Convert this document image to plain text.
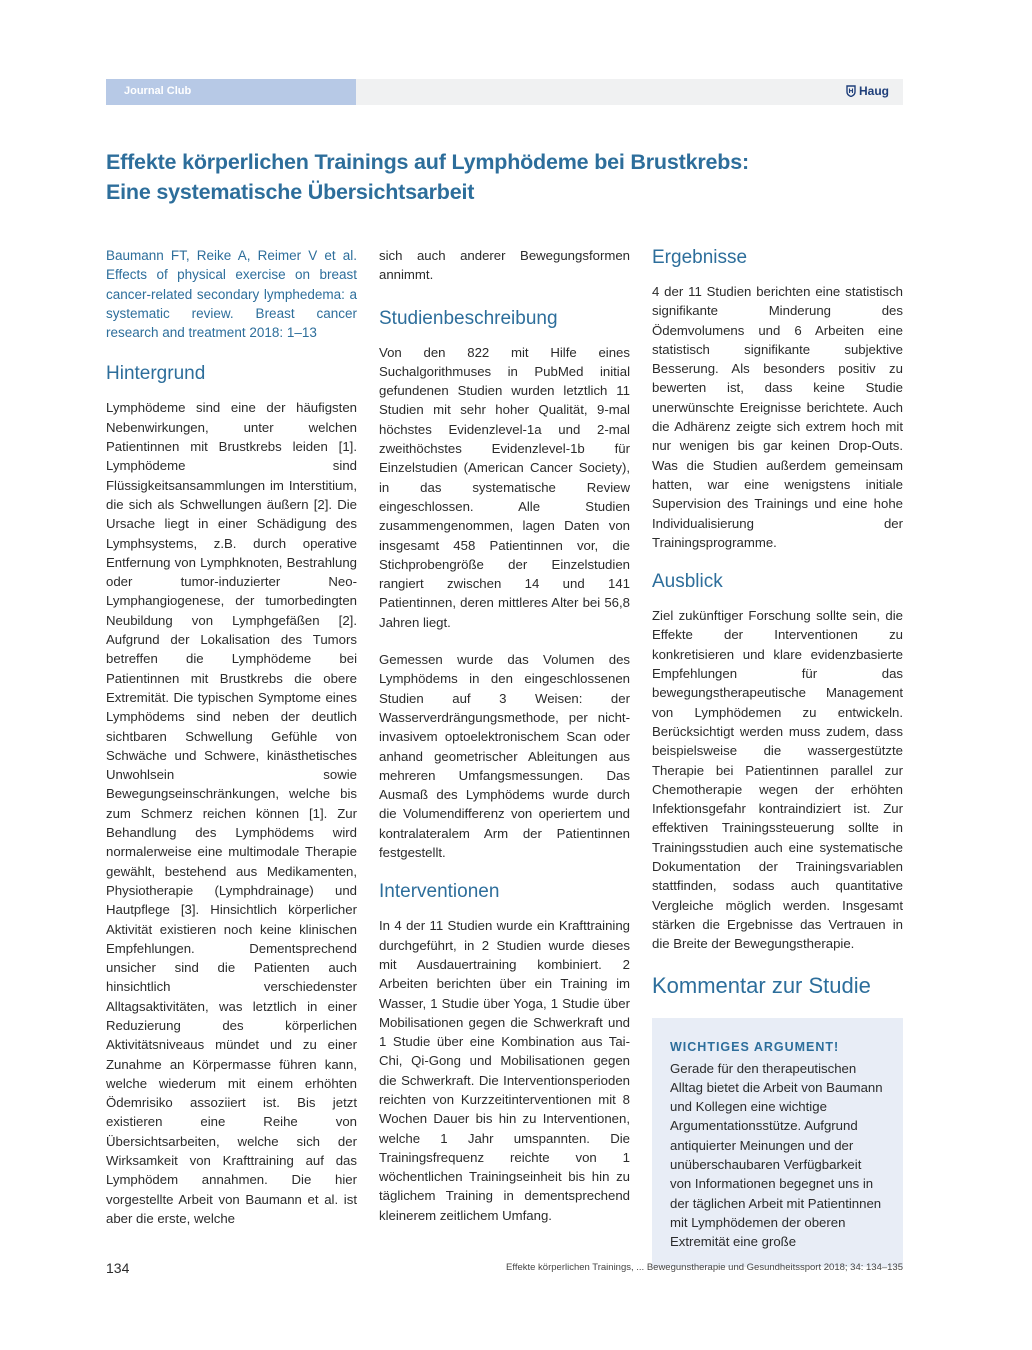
Journal Club	Haug
Effekte körperlichen Trainings auf Lymphödeme bei Brustkrebs:
Eine systematische Übersichtsarbeit

Baumann FT, Reike A, Reimer V et al. Effects of physical exercise on breast cancer-related secondary lymphedema: a systematic review. Breast cancer research and treatment 2018: 1–13

Hintergrund

Lymphödeme sind eine der häufigsten Nebenwirkungen, unter welchen Patientinnen mit Brustkrebs leiden [1]. Lymphödeme sind Flüssigkeitsansammlungen im Interstitium, die sich als Schwellungen äußern [2]. Die Ursache liegt in einer Schädigung des Lymphsystems, z.B. durch operative Entfernung von Lymphknoten, Bestrahlung oder tumor-induzierter Neo-Lymphangiogenese, der tumorbedingten Neubildung von Lymphgefäßen [2]. Aufgrund der Lokalisation des Tumors betreffen die Lymphödeme bei Patientinnen mit Brustkrebs die obere Extremität. Die typischen Symptome eines Lymphödems sind neben der deutlich sichtbaren Schwellung Gefühle von Schwäche und Schwere, kinästhetisches Unwohlsein sowie Bewegungseinschränkungen, welche bis zum Schmerz reichen können [1]. Zur Behandlung des Lymphödems wird normalerweise eine multimodale Therapie gewählt, bestehend aus Medikamenten, Physiotherapie (Lymphdrainage) und Hautpflege [3]. Hinsichtlich körperlicher Aktivität existieren noch keine klinischen Empfehlungen. Dementsprechend unsicher sind die Patienten auch hinsichtlich verschiedenster Alltagsaktivitäten, was letztlich in einer Reduzierung des körperlichen Aktivitätsniveaus mündet und zu einer Zunahme an Körpermasse führen kann, welche wiederum mit einem erhöhten Ödemrisiko assoziiert ist. Bis jetzt existieren eine Reihe von Übersichtsarbeiten, welche sich der Wirksamkeit von Krafttraining auf das Lymphödem annahmen. Die hier vorgestellte Arbeit von Baumann et al. ist aber die erste, welche

sich auch anderer Bewegungsformen annimmt.

Studienbeschreibung

Von den 822 mit Hilfe eines Suchalgorithmuses in PubMed initial gefundenen Studien wurden letztlich 11 Studien mit sehr hoher Qualität, 9-mal höchstes Evidenzlevel-1a und 2-mal zweithöchstes Evidenzlevel-1b für Einzelstudien (American Cancer Society), in das systematische Review eingeschlossen. Alle Studien zusammengenommen, lagen Daten von insgesamt 458 Patientinnen vor, die Stichprobengröße der Einzelstudien rangiert zwischen 14 und 141 Patientinnen, deren mittleres Alter bei 56,8 Jahren liegt.

Gemessen wurde das Volumen des Lymphödems in den eingeschlossenen Studien auf 3 Weisen: der Wasserverdrängungsmethode, per nicht-invasivem optoelektronischem Scan oder anhand geometrischer Ableitungen aus mehreren Umfangsmessungen. Das Ausmaß des Lymphödems wurde durch die Volumendifferenz von operiertem und kontralateralem Arm der Patientinnen festgestellt.

Interventionen

In 4 der 11 Studien wurde ein Krafttraining durchgeführt, in 2 Studien wurde dieses mit Ausdauertraining kombiniert. 2 Arbeiten berichten über ein Training im Wasser, 1 Studie über Yoga, 1 Studie über Mobilisationen gegen die Schwerkraft und 1 Studie über eine Kombination aus Tai-Chi, Qi-Gong und Mobilisationen gegen die Schwerkraft. Die Interventionsperioden reichten von Kurzzeitinterventionen mit 8 Wochen Dauer bis hin zu Interventionen, welche 1 Jahr umspannten. Die Trainingsfrequenz reichte von 1 wöchentlichen Trainingseinheit bis hin zu täglichem Training in dementsprechend kleinerem zeitlichem Umfang.

Ergebnisse

4 der 11 Studien berichten eine statistisch signifikante Minderung des Ödemvolumens und 6 Arbeiten eine statistisch signifikante subjektive Besserung. Als besonders positiv zu bewerten ist, dass keine Studie unerwünschte Ereignisse berichtete. Auch die Adhärenz zeigte sich extrem hoch mit nur wenigen bis gar keinen Drop-Outs. Was die Studien außerdem gemeinsam hatten, war eine wenigstens initiale Supervision des Trainings und eine hohe Individualisierung der Trainingsprogramme.

Ausblick

Ziel zukünftiger Forschung sollte sein, die Effekte der Interventionen zu konkretisieren und klare evidenzbasierte Empfehlungen für das bewegungstherapeutische Management von Lymphödemen zu entwickeln. Berücksichtigt werden muss zudem, dass beispielsweise die wassergestützte Therapie bei Patientinnen parallel zur Chemotherapie wegen der erhöhten Infektionsgefahr kontraindiziert ist. Zur effektiven Trainingssteuerung sollte in Trainingsstudien auch eine systematische Dokumentation der Trainingsvariablen stattfinden, sodass auch quantitative Vergleiche möglich werden. Insgesamt stärken die Ergebnisse das Vertrauen in die Breite der Bewegungstherapie.

Kommentar zur Studie
WICHTIGES ARGUMENT!

Gerade für den therapeutischen Alltag bietet die Arbeit von Baumann und Kollegen eine wichtige Argumentationsstütze. Aufgrund antiquierter Meinungen und der unüberschaubaren Verfügbarkeit von Informationen begegnet uns in der täglichen Arbeit mit Patientinnen mit Lymphödemen der oberen Extremität eine große

134	Effekte körperlichen Trainings, ... Bewegunstherapie und Gesundheitssport 2018; 34: 134–135
